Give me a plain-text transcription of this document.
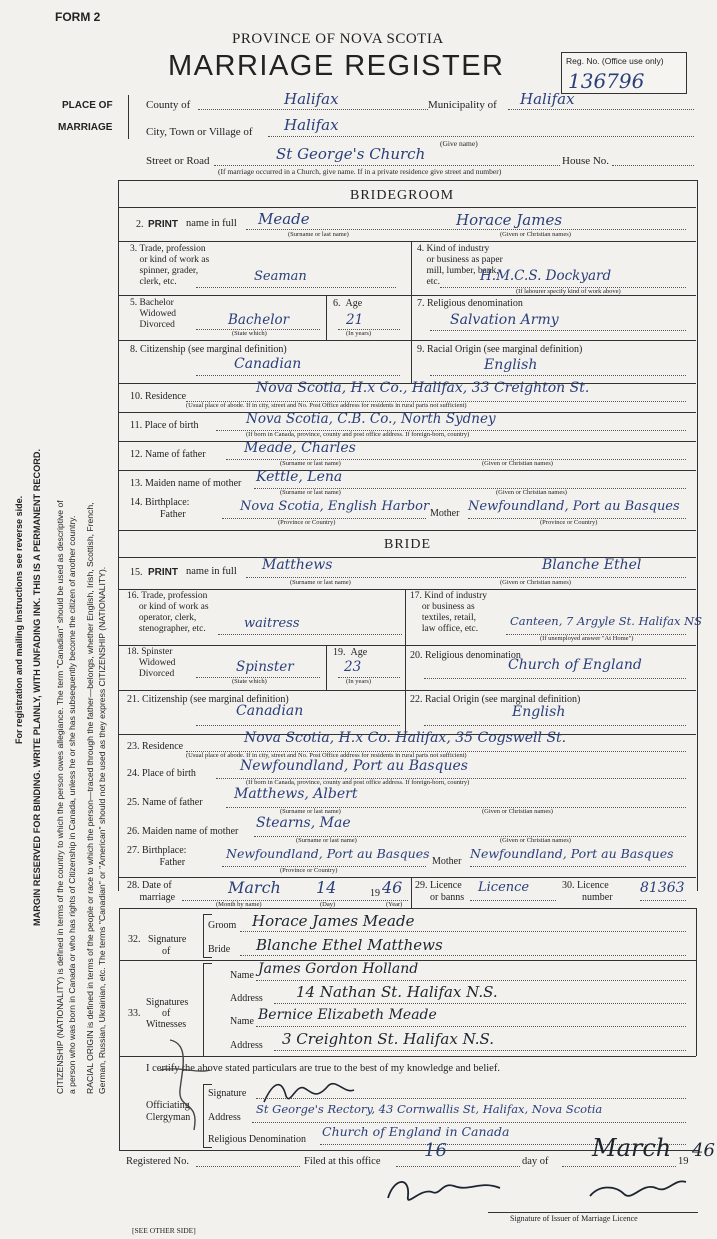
FORM 2
PROVINCE OF NOVA SCOTIA
MARRIAGE REGISTER	Reg. No. (Office use only)
136796
PLACE OF
MARRIAGE
County of	Halifax	Municipality of Halifax
City, Town or Village of Halifax
(Give name)
Street or Road	St George's Church	House No.
(If marriage occurred in a Church, give name. If in a private residence give street and number)
BRIDEGROOM
2. PRINT name in full Meade	Horace James
(Surname or last name)	(Given or Christian names)
3. Trade, profession
or kind of work as
spinner, grader,
clerk, etc.	Seaman
4. Kind of industry
or business as paper
mill, lumber, bank,
etc.	H.M.C.S. Dockyard
(If labourer specify kind of work above)
5. Bachelor
Widowed
Divorced	Bachelor
(State which)
6. Age
21
(In years)
7. Religious denomination
Salvation Army
8. Citizenship (see marginal definition)
Canadian
9. Racial Origin (see marginal definition)
English
10. Residence
Nova Scotia, H.x Co., Halifax, 33 Creighton St.
(Usual place of abode. If in city, street and No. Post Office address for residents in rural parts not sufficient)
11. Place of birth	Nova Scotia, C.B. Co., North Sydney
(If born in Canada, province, county and post office address. If foreign-born, country)
12. Name of father	Meade, Charles
(Surname or last name)	(Given or Christian names)
13. Maiden name of mother Kettle, Lena
(Surname or last name)	(Given or Christian names)
14. Birthplace:
Father
Nova Scotia, English Harbor Mother Newfoundland, Port au Basques
(Province or Country)	(Province or Country)
BRIDE
15. PRINT name in full Matthews	Blanche Ethel
(Surname or last name)	(Given or Christian names)
16. Trade, profession
or kind of work as
operator, clerk,
stenographer, etc.	waitress
17. Kind of industry
or business as
textiles, retail,
law office, etc.
Canteen, 7 Argyle St. Halifax NS
(If unemployed answer "At Home")
18. Spinster
Widowed
Divorced	Spinster
(State which)
19. Age
23
(In years)
20. Religious denomination
Church of England
21. Citizenship (see marginal definition)
Canadian
22. Racial Origin (see marginal definition)
English
23. Residence
Nova Scotia, H.x Co. Halifax, 35 Cogswell St.
(Usual place of abode. If in city, street and No. Post Office address for residents in rural parts not sufficient)
24. Place of birth	Newfoundland, Port au Basques
(If born in Canada, province, county and post office address. If foreign-born, country)
25. Name of father
Matthews, Albert
(Surname or last name)	(Given or Christian names)
26. Maiden name of mother
Stearns, Mae
(Surname or last name)	(Given or Christian names)
27. Birthplace:
Father
Newfoundland, Port au Basques
Mother
Newfoundland, Port au Basques
(Province or Country)
28. Date of
marriage
March 14	19 46
(Month by name)	(Day)	(Year)
29. Licence
or banns
Licence	30. Licence
number
81363
32. Signature
of
Groom Horace James Meade
Bride Blanche Ethel Matthews
Signatures
of
Witnesses
33.
Name James Gordon Holland
Address 14 Nathan St. Halifax N.S.
Name Bernice Elizabeth Meade
Address 3 Creighton St. Halifax N.S.
I certify the above stated particulars are true to the best of my knowledge and belief.
Officiating
Clergyman
Signature
Address
St George's Rectory, 43 Cornwallis St, Halifax, Nova Scotia
Religious Denomination
Church of England in Canada
Registered No.	Filed at this office
16
day of March 19
46
Signature of Issuer of Marriage Licence
[SEE OTHER SIDE]
For registration and mailing instructions see reverse side. MARGIN RESERVED FOR BINDING. WRITE PLAINLY, WITH UNFADING INK. THIS IS A PERMANENT RECORD. CITIZENSHIP (NATIONALITY) is defined in terms of the country to which the person owes allegiance. The term "Canadian" should be used as descriptive of a person who was born in Canada or who has rights of Citizenship in Canada, unless he or she has subsequently become the citizen of another country. RACIAL ORIGIN is defined in terms of the people or race to which the person—traced through the father—belongs, whether English, Irish, Scottish, French, German, Russian, Ukrainian, etc. The terms "Canadian" or "American" should not be used as they express CITIZENSHIP (NATIONALITY).
